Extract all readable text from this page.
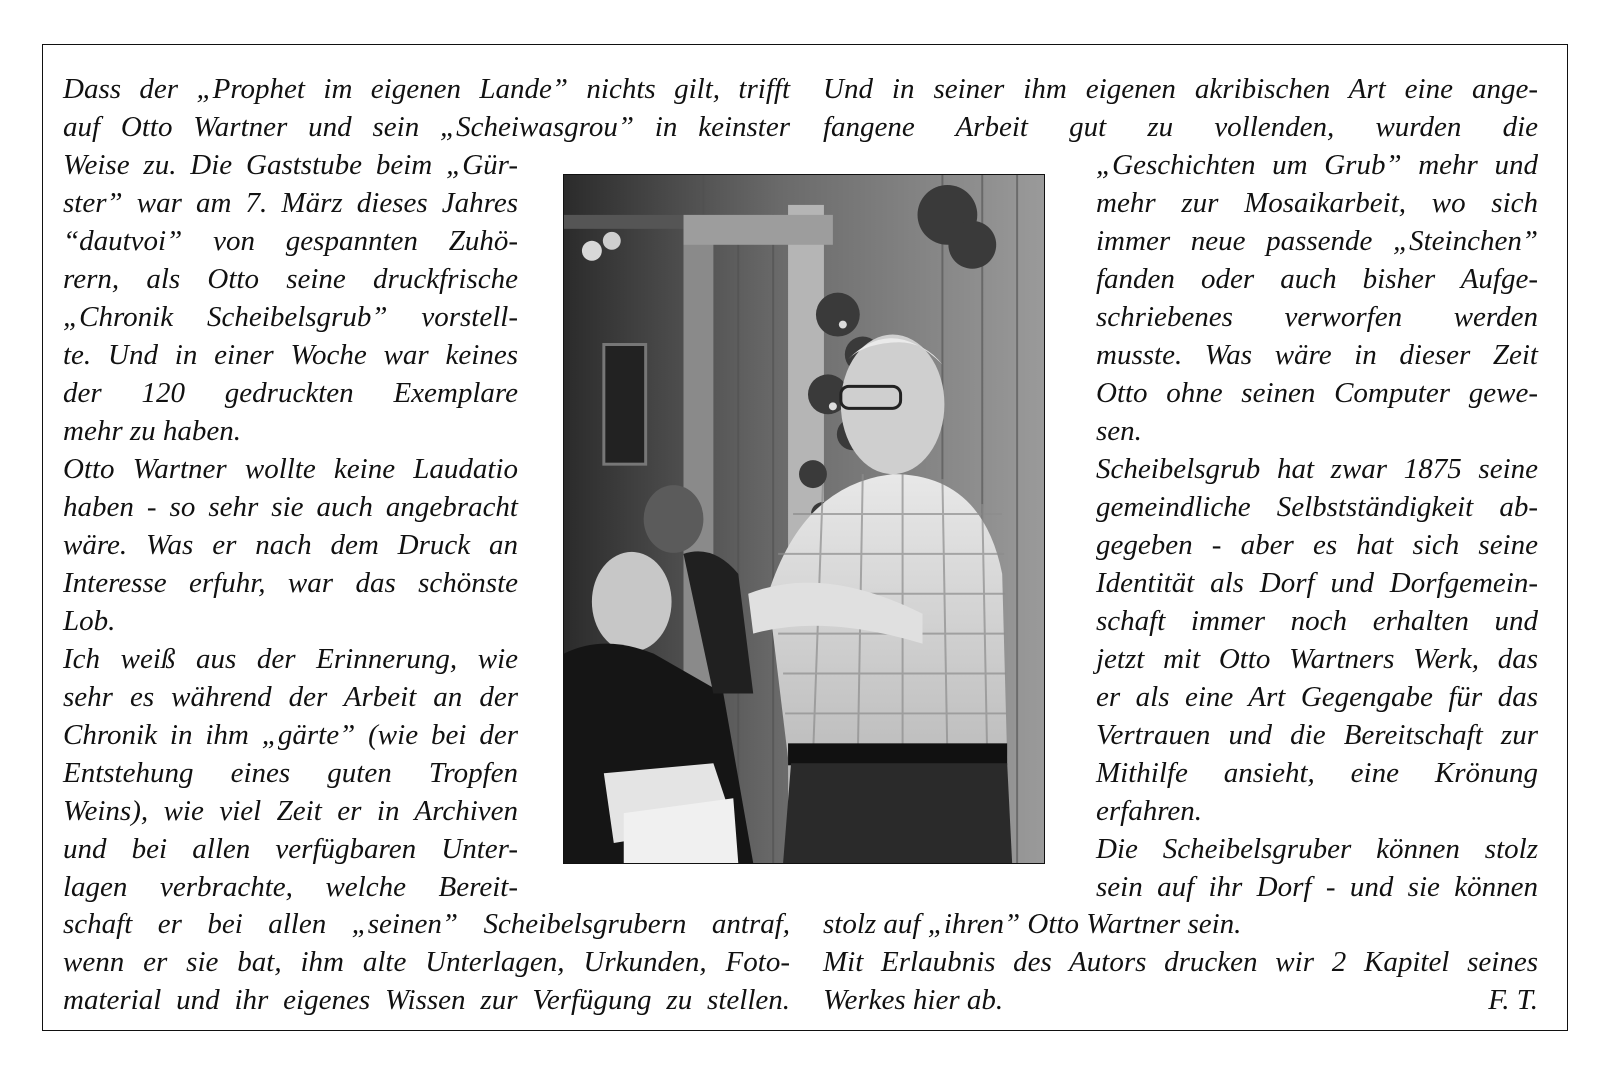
Dass der „Prophet im eigenen Lande” nichts gilt, trifft
auf Otto Wartner und sein „Scheiwasgrou” in keinster
Weise zu. Die Gaststube beim „Gür-
ster” war am 7. März dieses Jahres
“dautvoi” von gespannten Zuhö-
rern, als Otto seine druckfrische
„Chronik Scheibelsgrub” vorstell-
te. Und in einer Woche war keines
der 120 gedruckten Exemplare
mehr zu haben.
Otto Wartner wollte keine Laudatio
haben - so sehr sie auch angebracht
wäre. Was er nach dem Druck an
Interesse erfuhr, war das schönste
Lob.
Ich weiß aus der Erinnerung, wie
sehr es während der Arbeit an der
Chronik in ihm „gärte” (wie bei der
Entstehung eines guten Tropfen
Weins), wie viel Zeit er in Archiven
und bei allen verfügbaren Unter-
lagen verbrachte, welche Bereit-
schaft er bei allen „seinen” Scheibelsgrubern antraf,
wenn er sie bat, ihm alte Unterlagen, Urkunden, Foto-
material und ihr eigenes Wissen zur Verfügung zu stellen.
Und in seiner ihm eigenen akribischen Art eine ange-
fangene Arbeit gut zu vollenden, wurden die
„Geschichten um Grub” mehr und
mehr zur Mosaikarbeit, wo sich
immer neue passende „Steinchen”
fanden oder auch bisher Aufge-
schriebenes verworfen werden
musste. Was wäre in dieser Zeit
Otto ohne seinen Computer gewe-
sen.
Scheibelsgrub hat zwar 1875 seine
gemeindliche Selbstständigkeit ab-
gegeben - aber es hat sich seine
Identität als Dorf und Dorfgemein-
schaft immer noch erhalten und
jetzt mit Otto Wartners Werk, das
er als eine Art Gegengabe für das
Vertrauen und die Bereitschaft zur
Mithilfe ansieht, eine Krönung
erfahren.
Die Scheibelsgruber können stolz
sein auf ihr Dorf - und sie können
stolz auf „ihren” Otto Wartner sein.
Mit Erlaubnis des Autors drucken wir 2 Kapitel seines
Werkes hier ab.	F. T.
